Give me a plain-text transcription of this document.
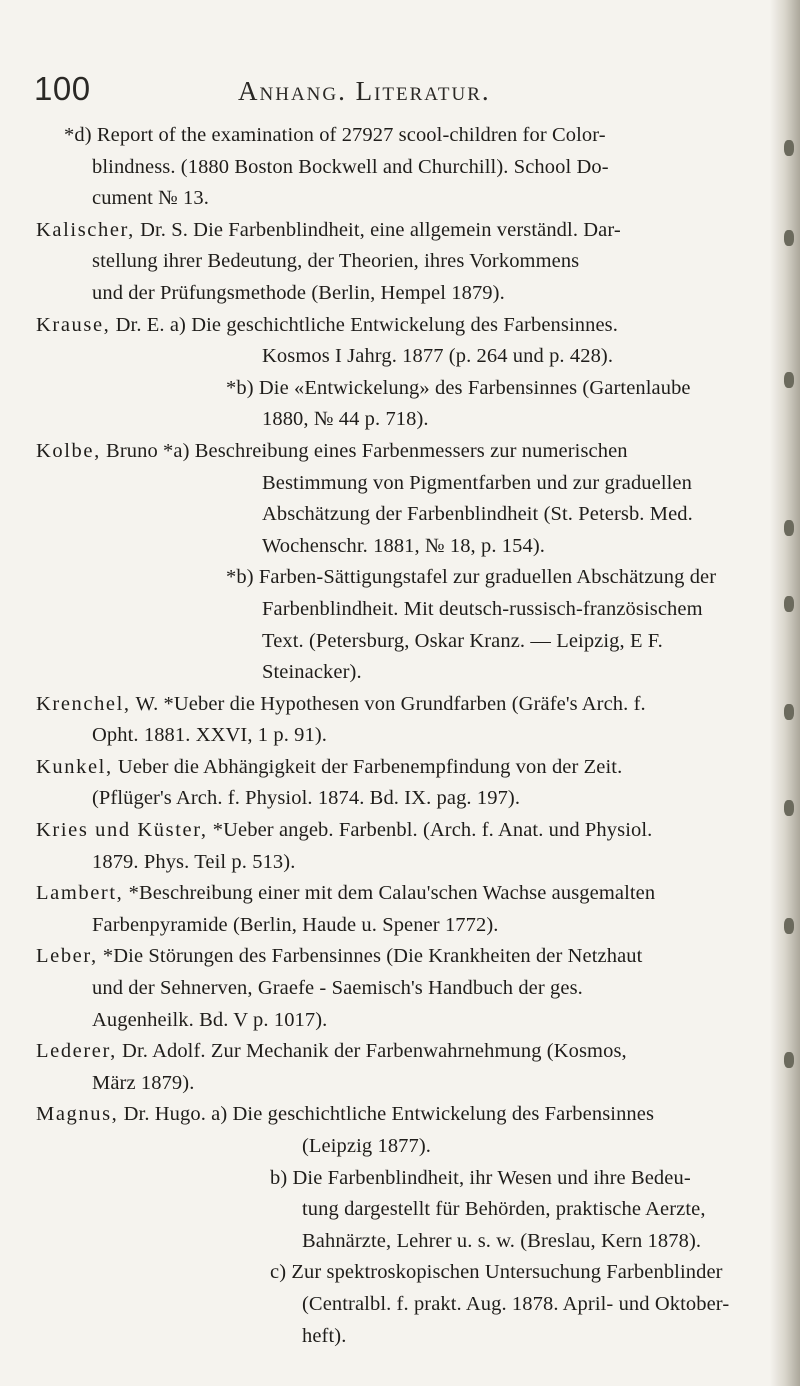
100	Anhang. Literatur.
*d) Report of the examination of 27927 scool-children for Color-
blindness. (1880 Boston Bockwell and Churchill). School Do-
cument № 13.
Kalischer, Dr. S. Die Farbenblindheit, eine allgemein verständl. Dar-
stellung ihrer Bedeutung, der Theorien, ihres Vorkommens
und der Prüfungsmethode (Berlin, Hempel 1879).
Krause, Dr. E. a) Die geschichtliche Entwickelung des Farbensinnes.
Kosmos I Jahrg. 1877 (p. 264 und p. 428).
*b) Die «Entwickelung» des Farbensinnes (Gartenlaube
1880, № 44 p. 718).
Kolbe, Bruno *a) Beschreibung eines Farbenmessers zur numerischen
Bestimmung von Pigmentfarben und zur graduellen
Abschätzung der Farbenblindheit (St. Petersb. Med.
Wochenschr. 1881, № 18, p. 154).
*b) Farben-Sättigungstafel zur graduellen Abschätzung der
Farbenblindheit. Mit deutsch-russisch-französischem
Text. (Petersburg, Oskar Kranz. — Leipzig, E F.
Steinacker).
Krenchel, W. *Ueber die Hypothesen von Grundfarben (Gräfe's Arch. f.
Opht. 1881. XXVI, 1 p. 91).
Kunkel, Ueber die Abhängigkeit der Farbenempfindung von der Zeit.
(Pflüger's Arch. f. Physiol. 1874. Bd. IX. pag. 197).
Kries und Küster, *Ueber angeb. Farbenbl. (Arch. f. Anat. und Physiol.
1879. Phys. Teil p. 513).
Lambert, *Beschreibung einer mit dem Calau'schen Wachse ausgemalten
Farbenpyramide (Berlin, Haude u. Spener 1772).
Leber, *Die Störungen des Farbensinnes (Die Krankheiten der Netzhaut
und der Sehnerven, Graefe - Saemisch's Handbuch der ges.
Augenheilk. Bd. V p. 1017).
Lederer, Dr. Adolf. Zur Mechanik der Farbenwahrnehmung (Kosmos,
März 1879).
Magnus, Dr. Hugo. a) Die geschichtliche Entwickelung des Farbensinnes
(Leipzig 1877).
b) Die Farbenblindheit, ihr Wesen und ihre Bedeu-
tung dargestellt für Behörden, praktische Aerzte,
Bahnärzte, Lehrer u. s. w. (Breslau, Kern 1878).
c) Zur spektroskopischen Untersuchung Farbenblinder
(Centralbl. f. prakt. Aug. 1878. April- und Oktober-
heft).
